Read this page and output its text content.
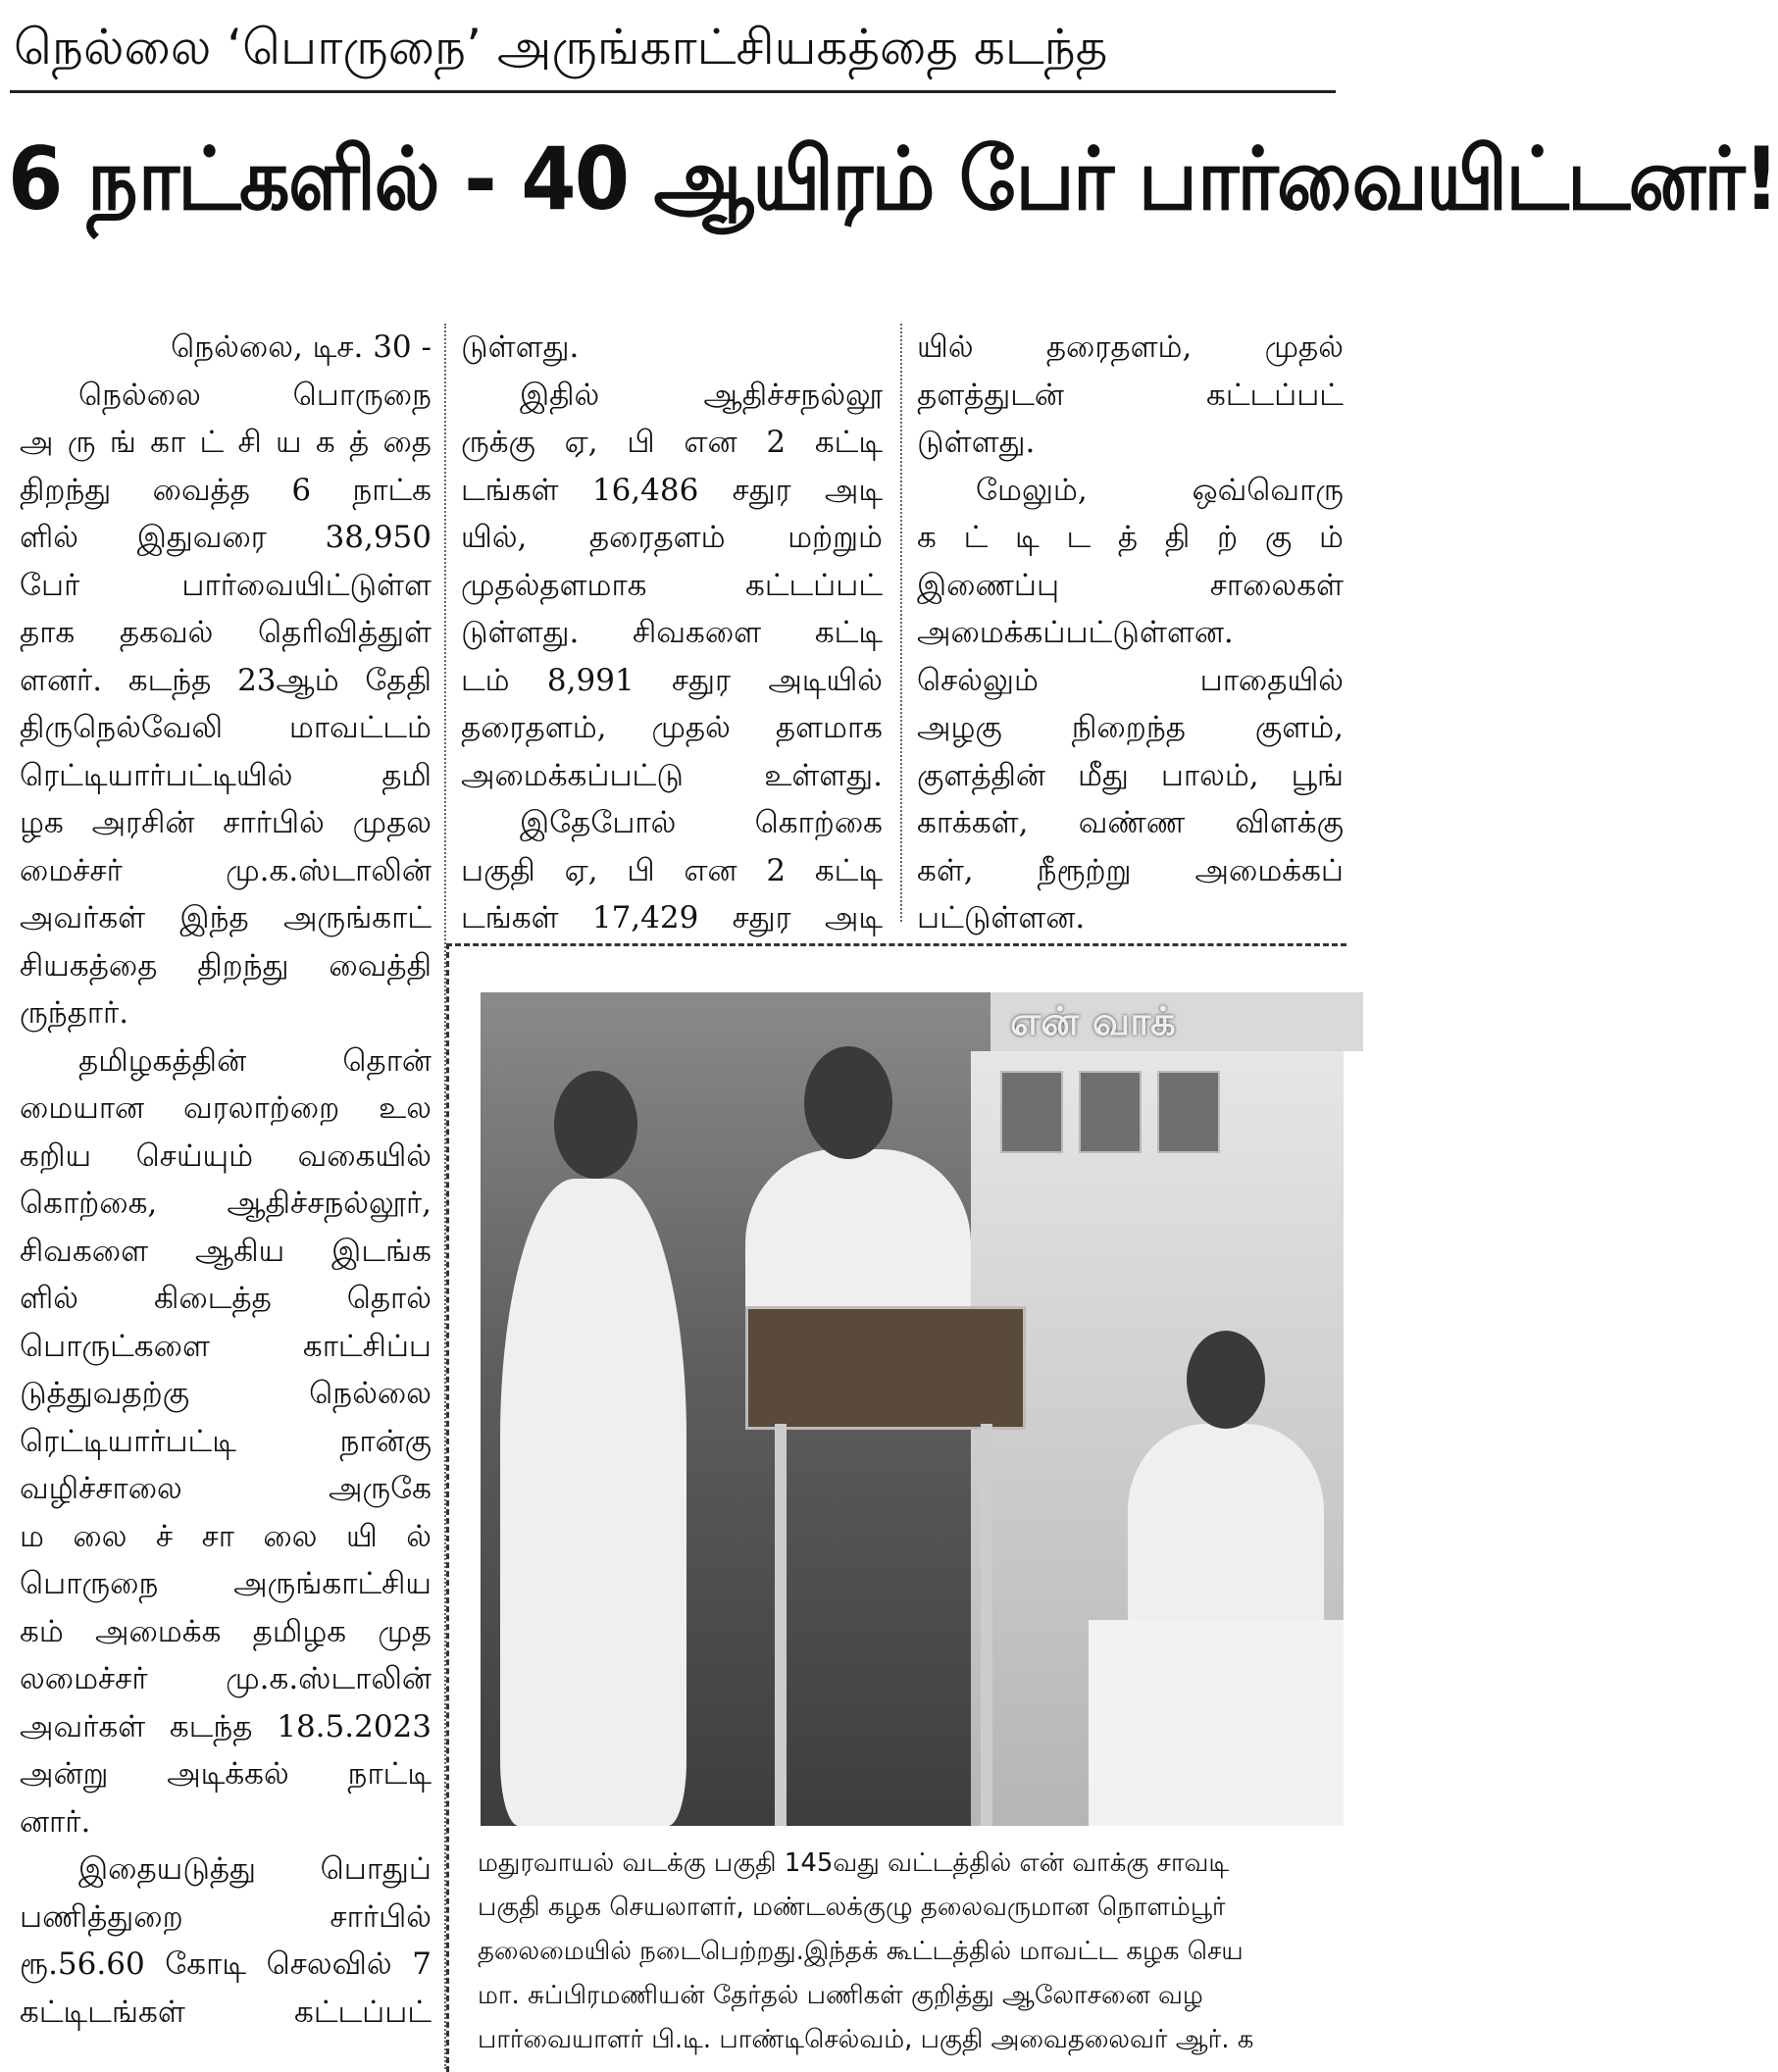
நெல்லை ‘பொருநை’ அருங்காட்சியகத்தை கடந்த
6 நாட்களில் - 40 ஆயிரம் பேர் பார்வையிட்டனர்!
நெல்லை, டிச. 30 -
நெல்லை பொருநை
அ ரு ங் கா ட் சி ய க த் தை
திறந்து வைத்த 6 நாட்க
ளில் இதுவரை 38,950
பேர் பார்வையிட்டுள்ள
தாக தகவல் தெரிவித்துள்
ளனர். கடந்த 23ஆம் தேதி
திருநெல்வேலி மாவட்டம்
ரெட்டியார்பட்டியில் தமி
ழக அரசின் சார்பில் முதல
மைச்சர் மு.க.ஸ்டாலின்
அவர்கள் இந்த அருங்காட்
சியகத்தை திறந்து வைத்தி
ருந்தார்.
தமிழகத்தின் தொன்
மையான வரலாற்றை உல
கறிய செய்யும் வகையில்
கொற்கை, ஆதிச்சநல்லூர்,
சிவகளை ஆகிய இடங்க
ளில் கிடைத்த தொல்
பொருட்களை காட்சிப்ப
டுத்துவதற்கு நெல்லை
ரெட்டியார்பட்டி நான்கு
வழிச்சாலை அருகே
ம லை ச் சா லை யி ல்
பொருநை அருங்காட்சிய
கம் அமைக்க தமிழக முத
லமைச்சர் மு.க.ஸ்டாலின்
அவர்கள் கடந்த 18.5.2023
அன்று அடிக்கல் நாட்டி
னார்.
இதையடுத்து பொதுப்
பணித்துறை சார்பில்
ரூ.56.60 கோடி செலவில் 7
கட்டிடங்கள் கட்டப்பட்
டுள்ளது.
இதில் ஆதிச்சநல்லூ
ருக்கு ஏ, பி என 2 கட்டி
டங்கள் 16,486 சதுர அடி
யில், தரைதளம் மற்றும்
முதல்தளமாக கட்டப்பட்
டுள்ளது. சிவகளை கட்டி
டம் 8,991 சதுர அடியில்
தரைதளம், முதல் தளமாக
அமைக்கப்பட்டு உள்ளது.
இதேபோல் கொற்கை
பகுதி ஏ, பி என 2 கட்டி
டங்கள் 17,429 சதுர அடி
யில் தரைதளம், முதல்
தளத்துடன் கட்டப்பட்
டுள்ளது.
மேலும், ஒவ்வொரு
க ட் டி ட த் தி ற் கு ம்
இணைப்பு சாலைகள்
அமைக்கப்பட்டுள்ளன.
செல்லும் பாதையில்
அழகு நிறைந்த குளம்,
குளத்தின் மீது பாலம், பூங்
காக்கள், வண்ண விளக்கு
கள், நீரூற்று அமைக்கப்
பட்டுள்ளன.
என் வாக்
மதுரவாயல் வடக்கு பகுதி 145வது வட்டத்தில் என் வாக்கு சாவடி
பகுதி கழக செயலாளர், மண்டலக்குழு தலைவருமான நொளம்பூர்
தலைமையில் நடைபெற்றது.இந்தக் கூட்டத்தில் மாவட்ட கழக செய
மா. சுப்பிரமணியன் தேர்தல் பணிகள் குறித்து ஆலோசனை வழ
பார்வையாளர் பி.டி. பாண்டிசெல்வம், பகுதி அவைதலைவர் ஆர். க
